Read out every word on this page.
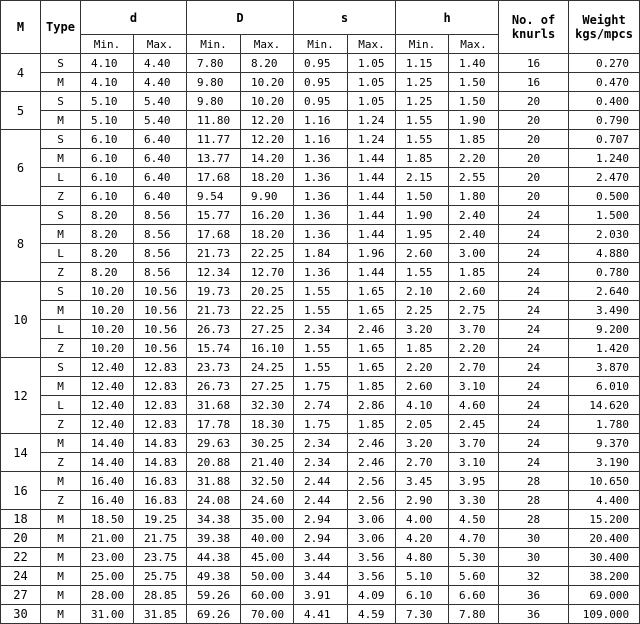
M	Type	d		D		s		h		No. of knurls	Weight kgs/mpcs
		Min.	Max.	Min.	Max.	Min.	Max.	Min.	Max.		
4	S	4.10	4.40	7.80	8.20	0.95	1.05	1.15	1.40	16	0.270
	M	4.10	4.40	9.80	10.20	0.95	1.05	1.25	1.50	16	0.470
5	S	5.10	5.40	9.80	10.20	0.95	1.05	1.25	1.50	20	0.400
	M	5.10	5.40	11.80	12.20	1.16	1.24	1.55	1.90	20	0.790
6	S	6.10	6.40	11.77	12.20	1.16	1.24	1.55	1.85	20	0.707
	M	6.10	6.40	13.77	14.20	1.36	1.44	1.85	2.20	20	1.240
	L	6.10	6.40	17.68	18.20	1.36	1.44	2.15	2.55	20	2.470
	Z	6.10	6.40	9.54	9.90	1.36	1.44	1.50	1.80	20	0.500
8	S	8.20	8.56	15.77	16.20	1.36	1.44	1.90	2.40	24	1.500
	M	8.20	8.56	17.68	18.20	1.36	1.44	1.95	2.40	24	2.030
	L	8.20	8.56	21.73	22.25	1.84	1.96	2.60	3.00	24	4.880
	Z	8.20	8.56	12.34	12.70	1.36	1.44	1.55	1.85	24	0.780
10	S	10.20	10.56	19.73	20.25	1.55	1.65	2.10	2.60	24	2.640
	M	10.20	10.56	21.73	22.25	1.55	1.65	2.25	2.75	24	3.490
	L	10.20	10.56	26.73	27.25	2.34	2.46	3.20	3.70	24	9.200
	Z	10.20	10.56	15.74	16.10	1.55	1.65	1.85	2.20	24	1.420
12	S	12.40	12.83	23.73	24.25	1.55	1.65	2.20	2.70	24	3.870
	M	12.40	12.83	26.73	27.25	1.75	1.85	2.60	3.10	24	6.010
	L	12.40	12.83	31.68	32.30	2.74	2.86	4.10	4.60	24	14.620
	Z	12.40	12.83	17.78	18.30	1.75	1.85	2.05	2.45	24	1.780
14	M	14.40	14.83	29.63	30.25	2.34	2.46	3.20	3.70	24	9.370
	Z	14.40	14.83	20.88	21.40	2.34	2.46	2.70	3.10	24	3.190
16	M	16.40	16.83	31.88	32.50	2.44	2.56	3.45	3.95	28	10.650
	Z	16.40	16.83	24.08	24.60	2.44	2.56	2.90	3.30	28	4.400
18	M	18.50	19.25	34.38	35.00	2.94	3.06	4.00	4.50	28	15.200
20	M	21.00	21.75	39.38	40.00	2.94	3.06	4.20	4.70	30	20.400
22	M	23.00	23.75	44.38	45.00	3.44	3.56	4.80	5.30	30	30.400
24	M	25.00	25.75	49.38	50.00	3.44	3.56	5.10	5.60	32	38.200
27	M	28.00	28.85	59.26	60.00	3.91	4.09	6.10	6.60	36	69.000
30	M	31.00	31.85	69.26	70.00	4.41	4.59	7.30	7.80	36	109.000
